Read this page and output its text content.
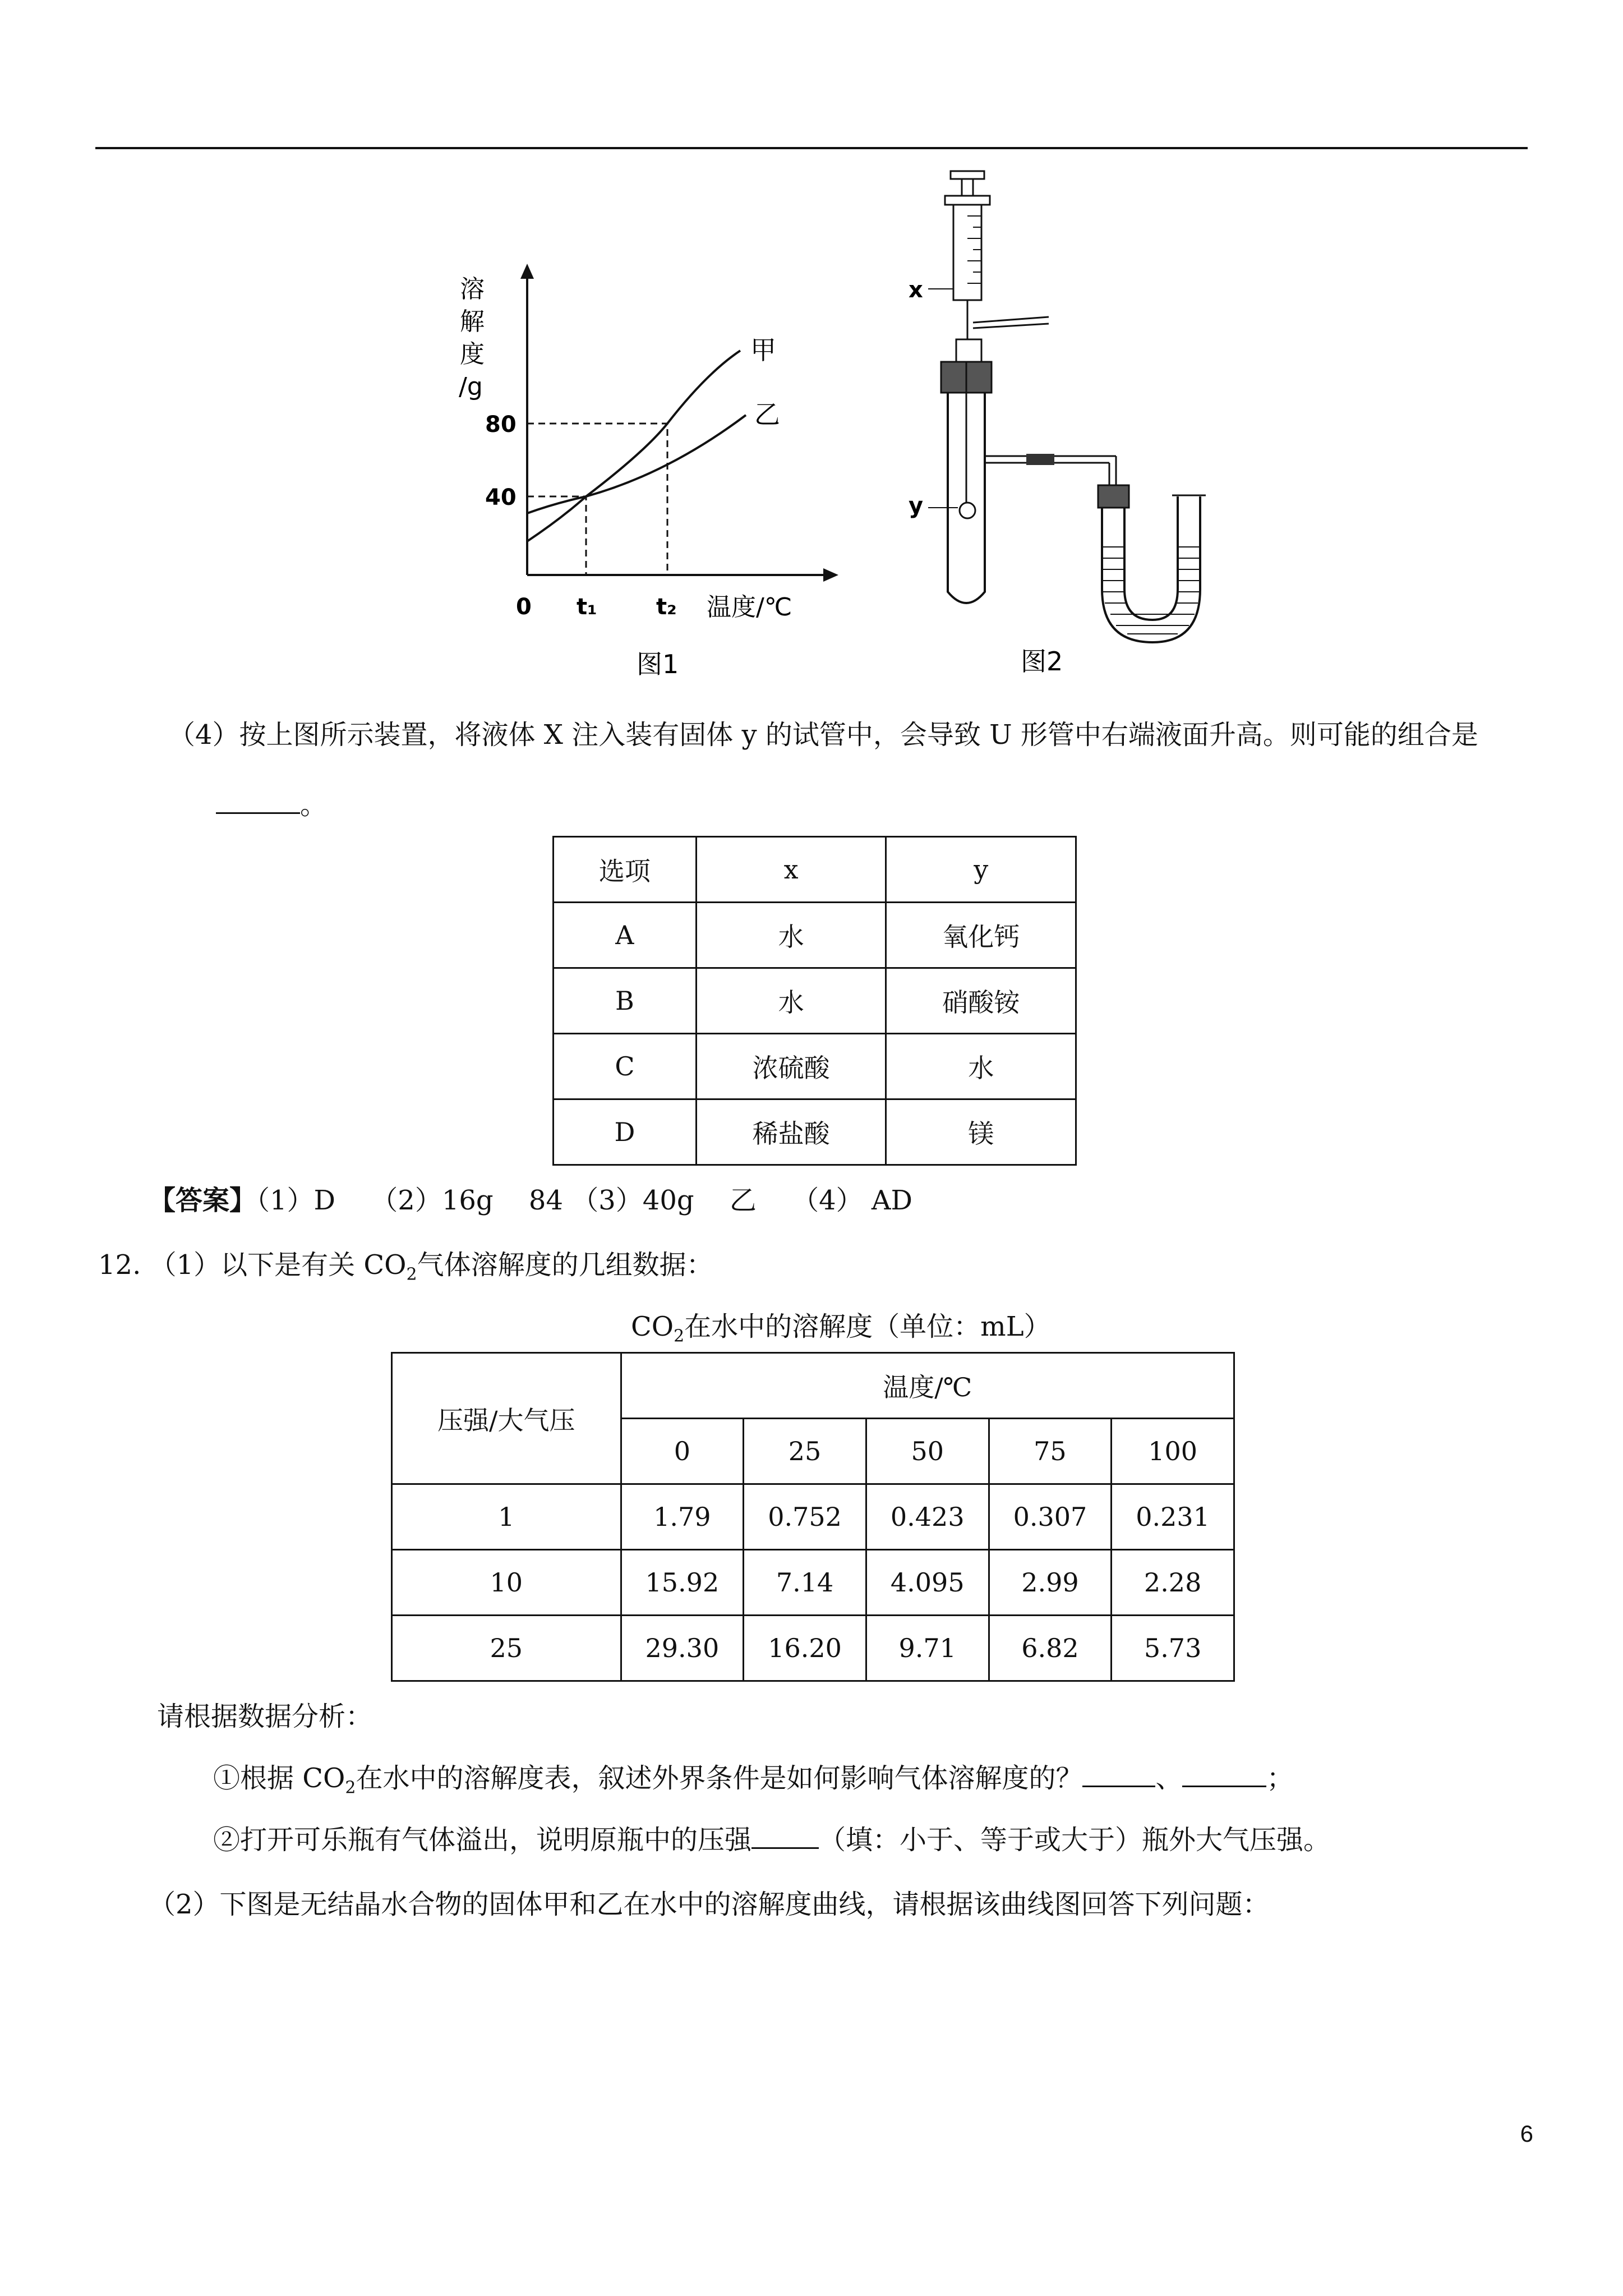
溶
解
度
/g
80
40
0 t₁	t₂ 温度/℃
甲
乙
图1
x
y
图2
（4）按上图所示装置，将液体 X 注入装有固体 y 的试管中，会导致 U 形管中右端液面升高。则可能的组合是
。
选项	x	y
A	水	氧化钙
B	水	硝酸铵
C	浓硫酸	水
D	稀盐酸	镁
【答案】（1）D　 （2）16g　 84 （3）40g　 乙　 （4） AD
12. （1）以下是有关 $CO_2$气体溶解度的几组数据：
$CO_2$在水中的溶解度（单位：mL）
压强/大气压	温度/℃				
	0	25	50	75	100
1	1.79	0.752	0.423	0.307	0.231
10	15.92	7.14	4.095	2.99	2.28
25	29.30	16.20	9.71	6.82	5.73
请根据数据分析：
①根据 $CO_2$在水中的溶解度表，叙述外界条件是如何影响气体溶解度的？	、	；
②打开可乐瓶有气体溢出，说明原瓶中的压强	（填：小于、等于或大于）瓶外大气压强。
（2）下图是无结晶水合物的固体甲和乙在水中的溶解度曲线，请根据该曲线图回答下列问题：
6
